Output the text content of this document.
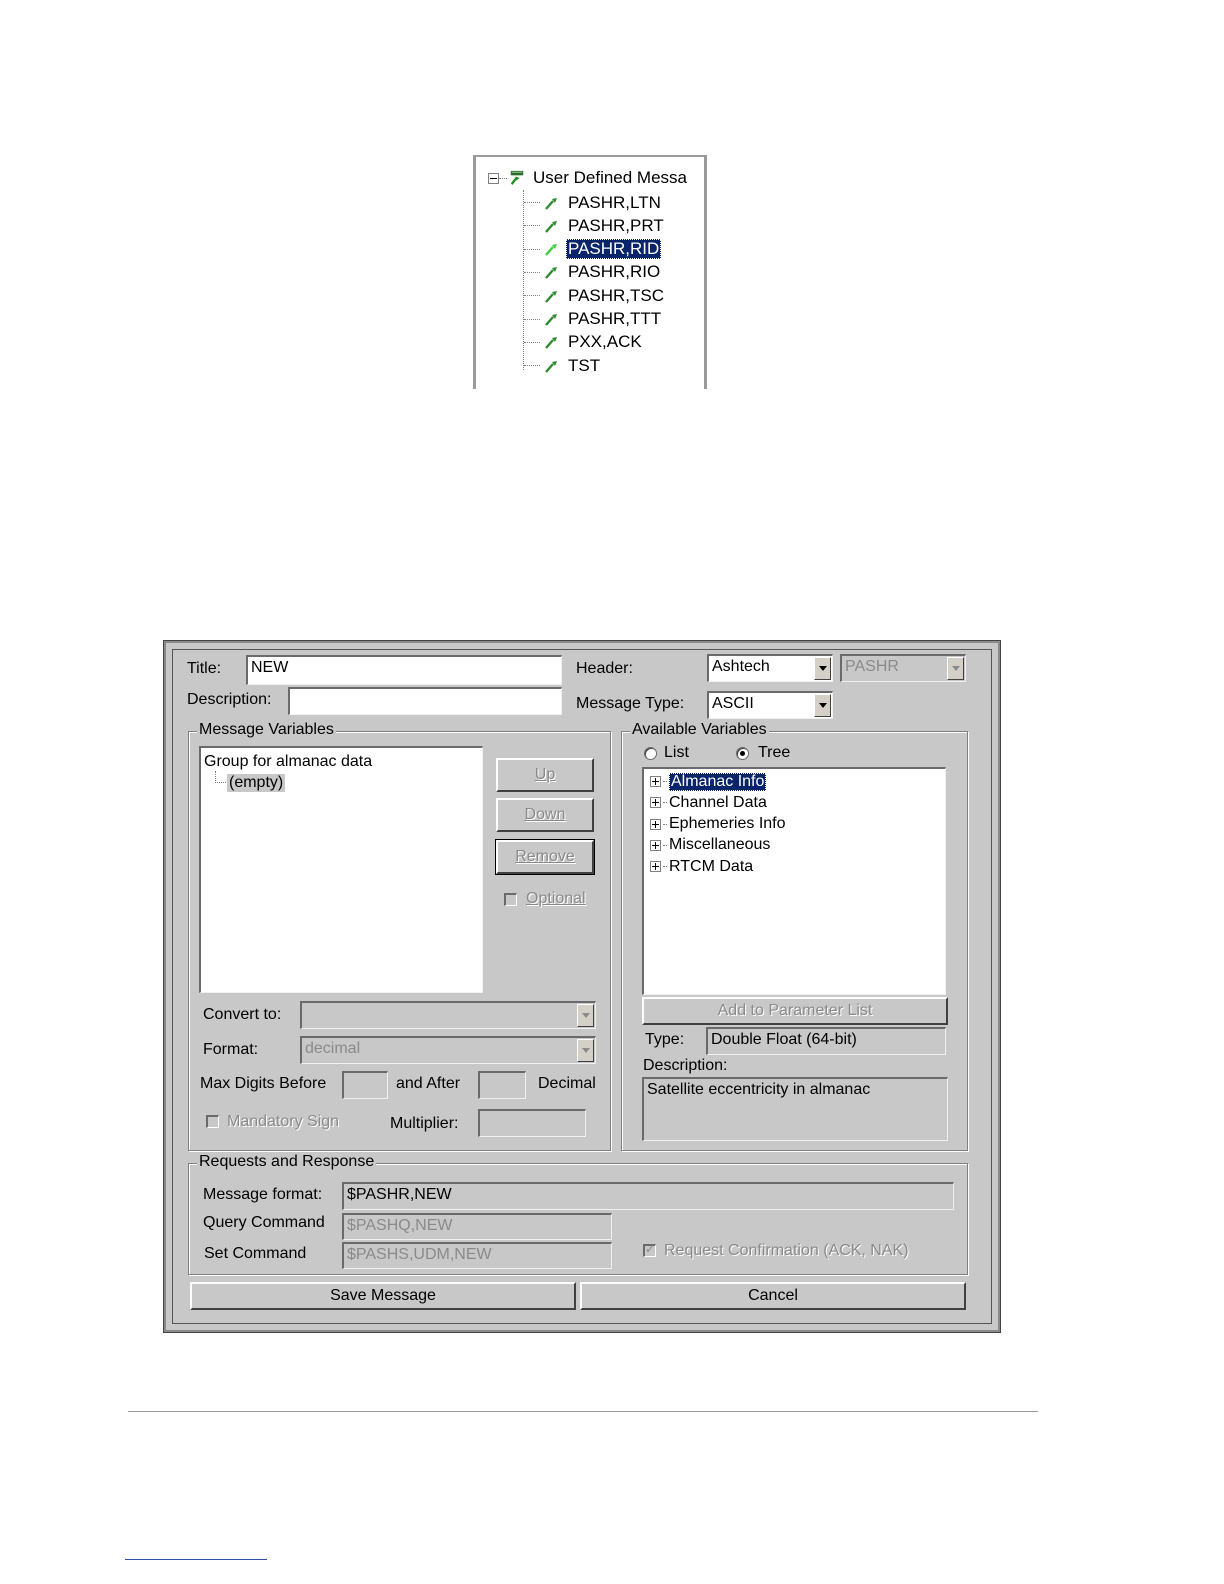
User Defined Messa
PASHR,LTN
PASHR,PRT
PASHR,RID
PASHR,RIO
PASHR,TSC
PASHR,TTT
PXX,ACK
TST
Title:	NEW
Description:
Header:	Ashtech	PASHR
Message Type:	ASCII
Message Variables
Group for almanac data
(empty)	Up
Down
Remove
Optional
Convert to:
Format:	decimal
Max Digits Before	and After	Decimal
Mandatory Sign	Multiplier:
Available Variables
List	Tree
Almanac Info
Channel Data
Ephemeries Info
Miscellaneous
RTCM Data
Add to Parameter List
Type:	Double Float (64-bit)
Description:
Satellite eccentricity in almanac
Requests and Response
Message format:	$PASHR,NEW
Query Command	$PASHQ,NEW
Set Command	$PASHS,UDM,NEW ✓	Request Confirmation (ACK, NAK)
Save Message	Cancel
